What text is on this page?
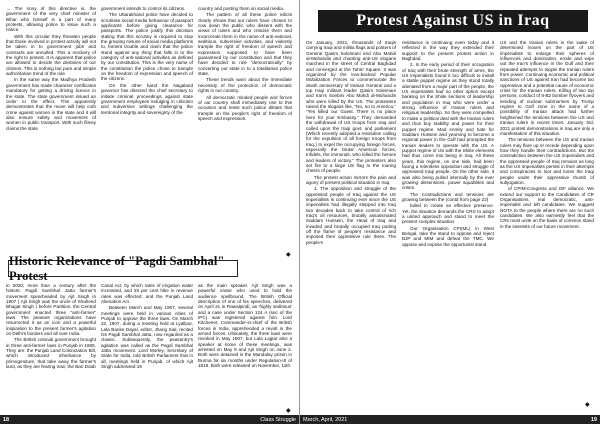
→ The irony of this directive is, the government of the very chief minister of Bihar who himself is a part of many protests, allowing police to issue such a notice.

With this circular they threaten people that those involved in protest activity will not be taken in to government jobs and contracts are annulled. This a mockery of the right to protest. It is apparent that police are allowed to decide the destinies of our citizens. This is nothing but pure and simple authoritarian trend of the rule.

In the same way the Madhya Pradesh government has made character certificates mandatory for getting a driving licence in the state. The state government issued an order to the effect. This apparently demonstrates that the move will help curb crime against women in the state and it will also ensure safety and movement of women in public transport. With such flimsy claims the state

government intends to control its citizens.

The Uttarakhand police have decided to scrutinise social media behaviour of passport applicants before giving clearance for passports. The police justify this decision stating that this scrutiny is required to stop the growing misuse of social media platforms to, foment trouble and claim that the police stand against any thing that falls in to the category of anti-national activities as defined by our constitution. This is the very name of the constitution the police chose to trample on the freedom of expression and speech of the citizens.

On the other hand the Nagaland governor has directed the chief secretary to initiate criminal proceedings against state government employees indulging in criticism and subversive writings challenging the territorial integrity and sovereignty of the

country and posting them on social media.

The pattern of all these police edicts clearly shows that our rulers have chosen to cow down the public who dissent with the views of rulers and who criticise them and incarcerate them in the name of anti-national, seditious, subversive activities, and violently trample the right of freedom of speech and expression supposed to have been guaranteed by our constitution and that they have decided to rule "democratically" by converting our state in to a totalitarian police state.

These trends warn about the immediate necessity of the protection of democratic rights in our country.

All democratic minded people and forces of our country shall immediately rise to this occasion and resist such police diktats that trample on the people's right of freedom of speech and expression.

◆
Historic Relevance of "Pagdi Sambhal" Protest

in 2020, more than a century after the historic Pagdi Sambhal Jatta farmer's movement spearheaded by Ajit Singh in 1907 ( Ajit Singh was the uncle of Shaheed Bhagat Singh ) before Partition, the Central government enacted three "anti-farmer" laws. The peasant organizations have resurrected it as an icon and a powerful inspiration to the present farmer's agitation on Delhi's borders and all over India.

The British colonial government brought in three anti-farmer laws in Punjab in 1906. They are: the Punjab Land Colonization Bill, which introduced inheritance by primogeniture, that take away the farmer's land, as they are fearing now; the Bari Doab

Canal Act, by which rates of irrigation water increased, and 25 per cent hike in revenue rates was effected; and the Punjab Land Alienation Act.

Between March and May 1907, several meetings were held in various cities of Punjab to oppose the three laws. On March 22, 1907, during a meeting held at Lyallpur, Lala Banke Dayal, editor, Jhang Sial, recited his Pagdi Sambhal Jatta, now regarded as a classic. Subsequently, the peasantry's agitation was called as the Pagdi Sambhal Jatta movement. Lord Morley, Secretary of State for India, told British Parliament that in all, meetings held in Punjab, of which Ajit Singh addressed 19

as the main speaker. Ajit Singh was a powerful orator who used to hold the audience spellbound. The British Official description of one of his speeches, delivered on April 21 in Rawalpindi, as 'highly seditious' and a case under Section 124 A (sec of the IPC) was registered against him. Lord Kitchener, Commander-in-chief of the British forces in India, apprehended a revolt in the armed forces. Ultimately, the three laws were revoked in May 1907, but Lala Lajpat also a speaker at some of these meetings, was arrested on May 9 and Ajit Singh on June 2. Both were detained in the Mandalay prison in Burma for six months under Regulation-III of 1818. Both were released on November, 11th.

◆
18	Class Struggle
Protest Against US in Iraq

On January, 2021, thousands of Iraqis carrying Iraqi and militia flags and posters of General Qasim Soleimani and Abu Mahdi al-Muhandis and chanting anti-US slogans marched in the street of Central Baghdad and converged at the Tahrir Square. It was organized by the Iran-backed Popular Mobilization Forces to commemorate the death anniversary of Iranian General and a top Iraqi militant leader Qasim Soleimani and Iran's Soebmi Abu Mahdi al-Muhandis who were killed by the US. The protesters raised the slogans like, "No, no to America," "Yes killed our Guest. There is no place here for your Embassy." They demanded the withdrawal of US troops from Iraq and called upon the Iraqi govt. and parliament (Which recently adopted a resolution calling for the expulsion of all foreign troops from Iraq.) to expel the occupying foreign forces, especially the brutal American forces, Infidels, the immorals, who killed the heroes and leaders of victory." The protesters also set fire to a large US flag to the roaring cheers of people.

The protest action mirrors the pain and agony of present political situation in Iraq.

1. The opposition and struggle of the oppressed people of Iraq against the US imperialists is continuing ever since the US imperialists had illegally stepped into Iraq two decades back to take control of rich Iraq's oil resources, brutally assassinated Saddam Hussein, the Head of Iraq and invaded and brutally occupied Iraq putting off the flame of people's resistance and imposed their oppressive rule there. The people's

resistance is continuing even today and it reflected in the way they extended their support to the present protest action in Baghdad.

2. In the early period of their occupation of Iraq with their brute strength of arms, the US imperialists found it too difficult to install a stable puppet regime as they stood totally alienated from a major part of the people, the US imperialists had no other option except banking on the Shiite sections of leadership and population in Iraq who were under a strong influence of Iranian rulers and religious leadership. So they were compelled to make a political deal with the Iranian rulers and thus buy stability and power for their puppet regime. Mad enmity and hate for Saddam Hussein and yearning to become a regional power in the Gulf had prompted the Iranian leaders to operate with the US. A puppet regime of US with the Shiite elements had thus come into being in Iraq. All these years, this regime, on one side, had been facing a relentless opposition and struggle of oppressed Iraqi people. On the other side, it was also being pulled internally by the ever growing dissensions, power squabbles and crises.

The Contradictions and tensions are growing between the (contd from page 22)

failed to create an effective presence. Yet, the situation demands the CRS to adopt a united approach and stand to meet the present complex situation.

Our Organisation CPI(ML) in West Bengal, take the stand to oppose and reject BJP and MIM and defeat the TMC. We oppose and expose the opportunist stand

US and the Iranian rulers in the wake of determined moves on the part of US imperialists to enlarge their spheres of influences and domination, erode and wipe out the Iran's influence in the Gulf and their repeated attempts to topple the Iranian rulers from power. Continuing economic and political sanctions of US against Iran had become too oppressive and a potential cause of economic crisis for the Iranian rulers. Killing of two top persons, conduct of 8-B2 bomber flyovers and sending of nuclear submarines by Trump regime to Gulf zone in the name of a possibility of Iranian attack had further heightened the tensions between the US and Iranian rulers in recent times. January 3rd, 2021 protest demonstrations in Iraq are only a manifestation of this situation.

The tensions between the US and Iranian rulers may flare up or recede depending upon how they handle their contradictions. But the contradiction between the US imperialists and the oppressed people of Iraq remains as long as the US imperialists persist in their attempts and conspiracies to loot and loose the Iraqi people under their oppressive thumb of subjugation.

of CPIM-Congress and ISF alliance. We extend our support to the Candidates of CR Organisations, real democratic, anti-imperialist and left candidates. We suggest NOTA to the people where there are no such candidates. We also earnestly feel that the CRs must unite on the basis of common stand in the interests of our future movement.

◆
March, April, 2021	19
